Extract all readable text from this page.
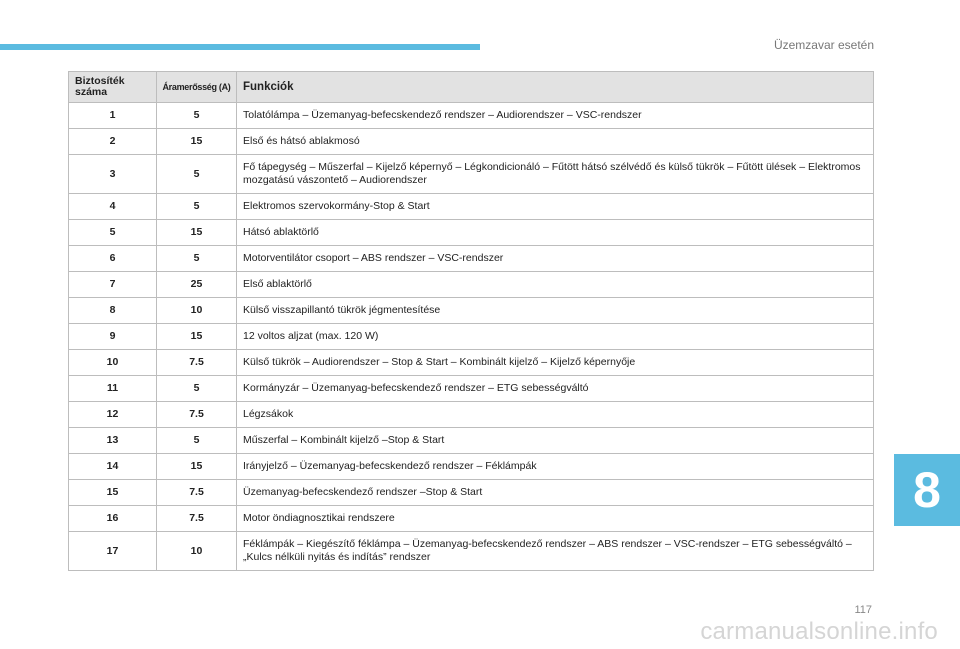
Üzemzavar esetén
Biztosíték száma	Áramerősség (A)	Funkciók
1	5	Tolatólámpa – Üzemanyag-befecskendező rendszer – Audiorendszer – VSC-rendszer
2	15	Első és hátsó ablakmosó
3	5	Fő tápegység – Műszerfal – Kijelző képernyő – Légkondicionáló – Fűtött hátsó szélvédő és külső tükrök – Fűtött ülések – Elektromos mozgatású vászontető – Audiorendszer
4	5	Elektromos szervokormány-Stop & Start
5	15	Hátsó ablaktörlő
6	5	Motorventilátor csoport – ABS rendszer – VSC-rendszer
7	25	Első ablaktörlő
8	10	Külső visszapillantó tükrök jégmentesítése
9	15	12 voltos aljzat (max. 120 W)
10	7.5	Külső tükrök – Audiorendszer – Stop & Start – Kombinált kijelző – Kijelző képernyője
11	5	Kormányzár – Üzemanyag-befecskendező rendszer – ETG sebességváltó
12	7.5	Légzsákok
13	5	Műszerfal – Kombinált kijelző –Stop & Start
14	15	Irányjelző – Üzemanyag-befecskendező rendszer – Féklámpák
15	7.5	Üzemanyag-befecskendező rendszer –Stop & Start
16	7.5	Motor öndiagnosztikai rendszere
17	10	Féklámpák – Kiegészítő féklámpa – Üzemanyag-befecskendező rendszer – ABS rendszer – VSC-rendszer – ETG sebességváltó – „Kulcs nélküli nyitás és indítás” rendszer
8
117
carmanualsonline.info
